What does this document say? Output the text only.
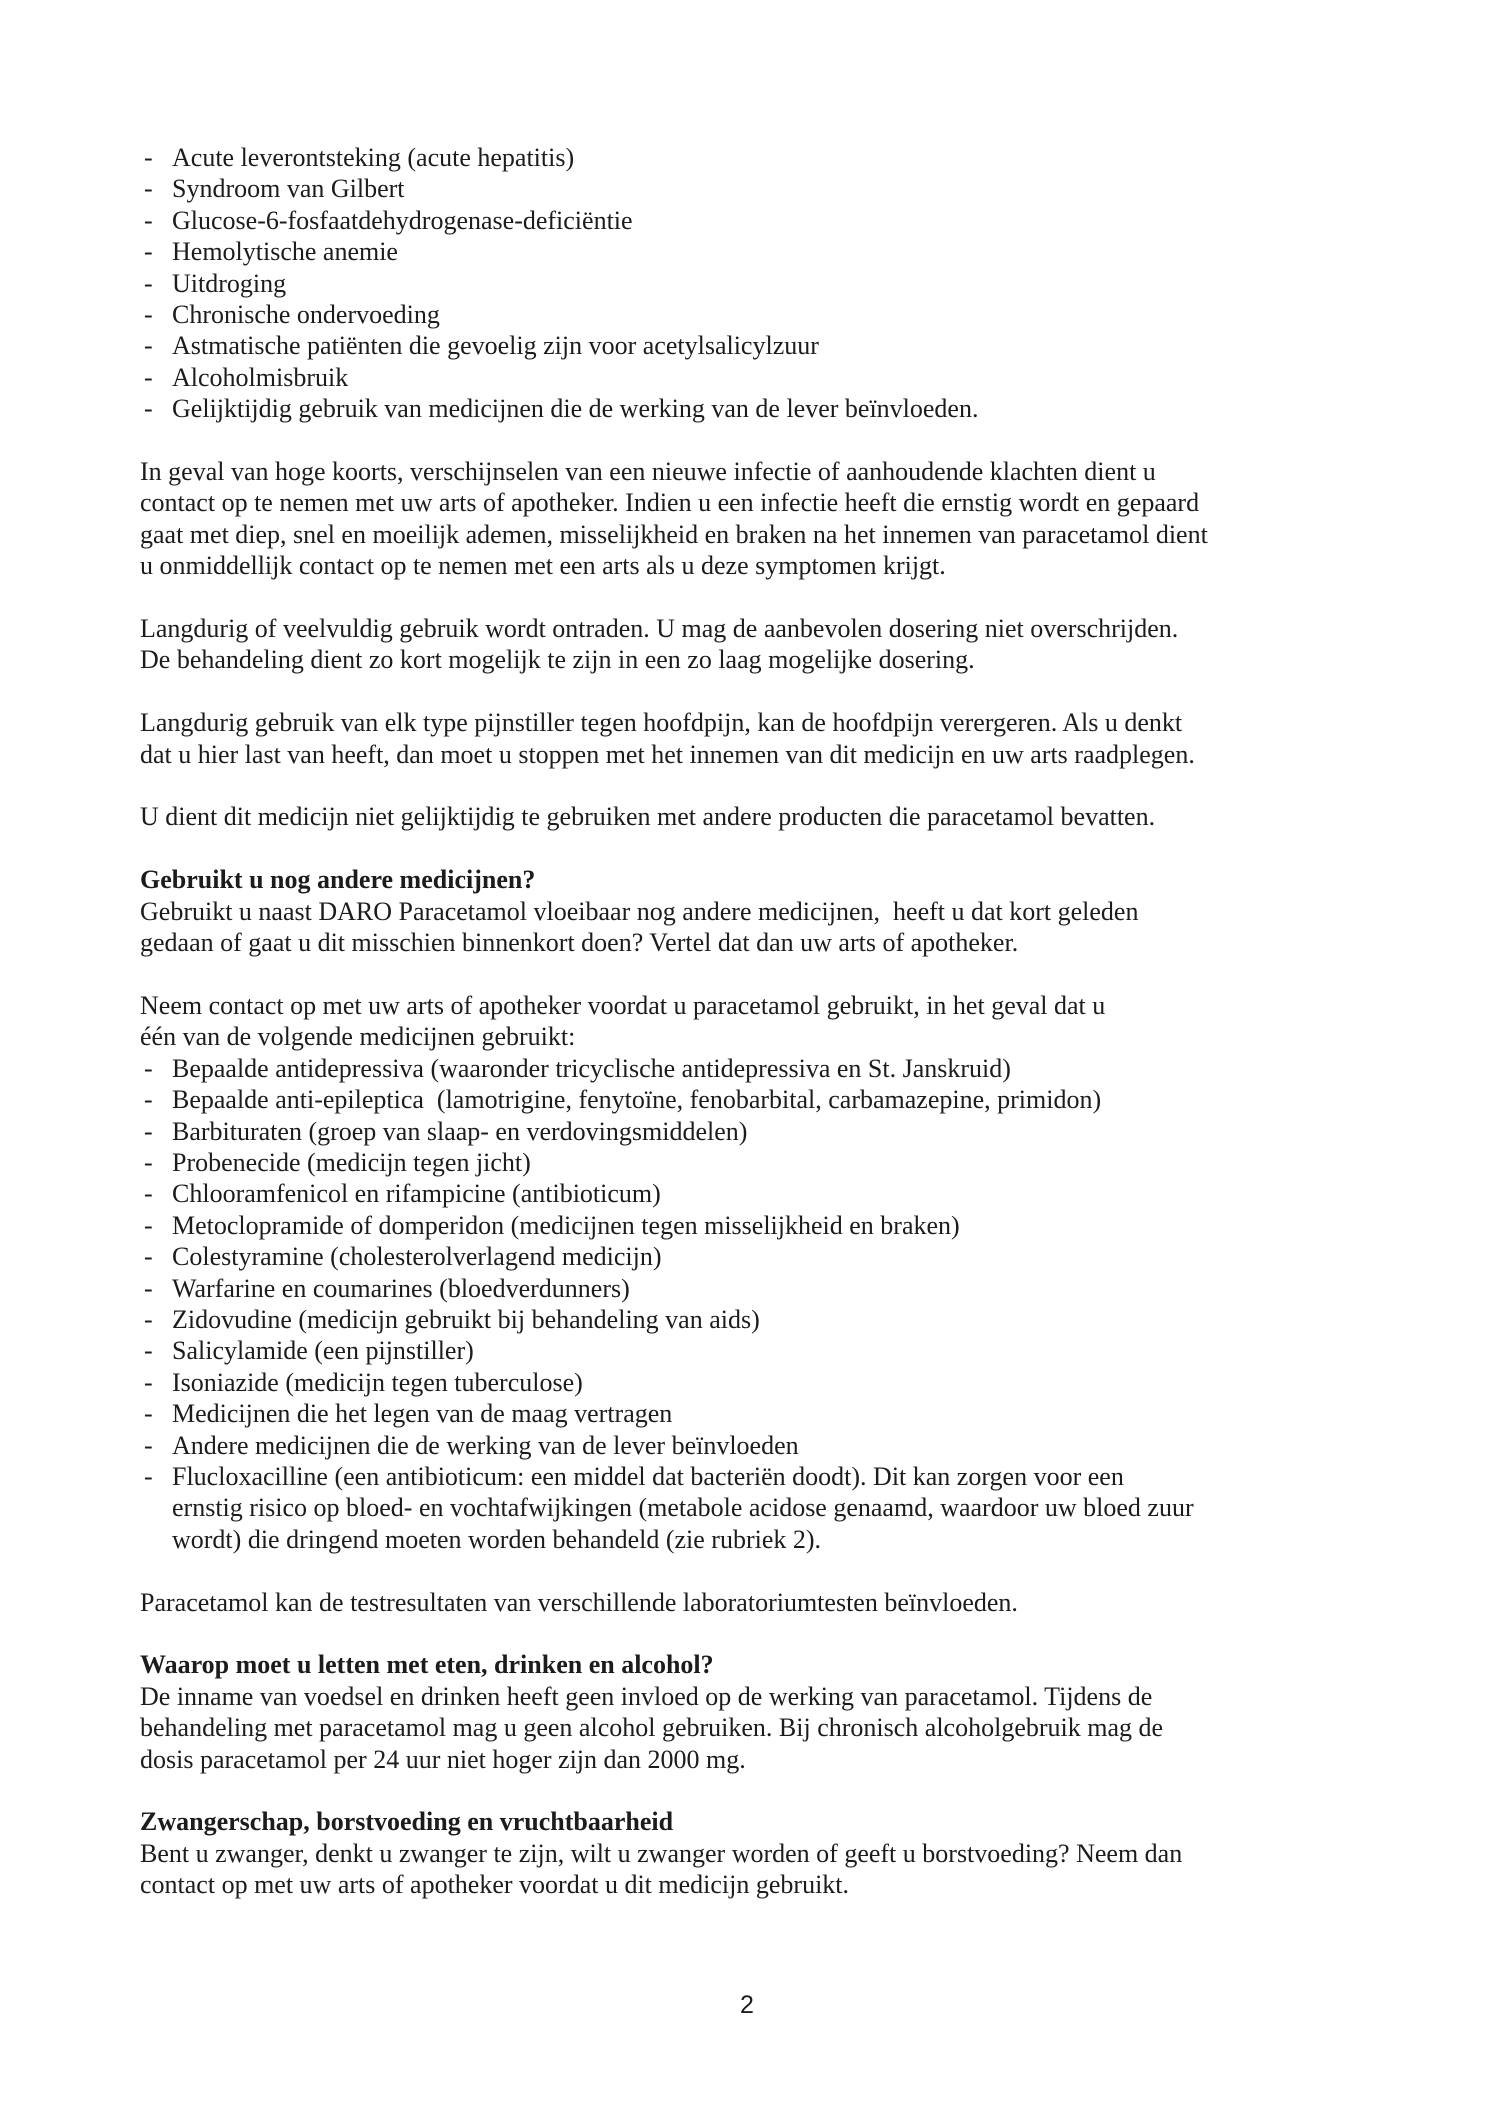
- Acute leverontsteking (acute hepatitis)
- Syndroom van Gilbert
- Glucose-6-fosfaatdehydrogenase-deficiëntie
- Hemolytische anemie
- Uitdroging
- Chronische ondervoeding
- Astmatische patiënten die gevoelig zijn voor acetylsalicylzuur
- Alcoholmisbruik
- Gelijktijdig gebruik van medicijnen die de werking van de lever beïnvloeden.
In geval van hoge koorts, verschijnselen van een nieuwe infectie of aanhoudende klachten dient u
contact op te nemen met uw arts of apotheker. Indien u een infectie heeft die ernstig wordt en gepaard
gaat met diep, snel en moeilijk ademen, misselijkheid en braken na het innemen van paracetamol dient
u onmiddellijk contact op te nemen met een arts als u deze symptomen krijgt.
Langdurig of veelvuldig gebruik wordt ontraden. U mag de aanbevolen dosering niet overschrijden.
De behandeling dient zo kort mogelijk te zijn in een zo laag mogelijke dosering.
Langdurig gebruik van elk type pijnstiller tegen hoofdpijn, kan de hoofdpijn verergeren. Als u denkt
dat u hier last van heeft, dan moet u stoppen met het innemen van dit medicijn en uw arts raadplegen.
U dient dit medicijn niet gelijktijdig te gebruiken met andere producten die paracetamol bevatten.
Gebruikt u nog andere medicijnen?
Gebruikt u naast DARO Paracetamol vloeibaar nog andere medicijnen,  heeft u dat kort geleden
gedaan of gaat u dit misschien binnenkort doen? Vertel dat dan uw arts of apotheker.
Neem contact op met uw arts of apotheker voordat u paracetamol gebruikt, in het geval dat u
één van de volgende medicijnen gebruikt:
- Bepaalde antidepressiva (waaronder tricyclische antidepressiva en St. Janskruid)
- Bepaalde anti-epileptica  (lamotrigine, fenytoïne, fenobarbital, carbamazepine, primidon)
- Barbituraten (groep van slaap- en verdovingsmiddelen)
- Probenecide (medicijn tegen jicht)
- Chlooramfenicol en rifampicine (antibioticum)
- Metoclopramide of domperidon (medicijnen tegen misselijkheid en braken)
- Colestyramine (cholesterolverlagend medicijn)
- Warfarine en coumarines (bloedverdunners)
- Zidovudine (medicijn gebruikt bij behandeling van aids)
- Salicylamide (een pijnstiller)
- Isoniazide (medicijn tegen tuberculose)
- Medicijnen die het legen van de maag vertragen
- Andere medicijnen die de werking van de lever beïnvloeden
- Flucloxacilline (een antibioticum: een middel dat bacteriën doodt). Dit kan zorgen voor een
ernstig risico op bloed- en vochtafwijkingen (metabole acidose genaamd, waardoor uw bloed zuur
wordt) die dringend moeten worden behandeld (zie rubriek 2).
Paracetamol kan de testresultaten van verschillende laboratoriumtesten beïnvloeden.
Waarop moet u letten met eten, drinken en alcohol?
De inname van voedsel en drinken heeft geen invloed op de werking van paracetamol. Tijdens de
behandeling met paracetamol mag u geen alcohol gebruiken. Bij chronisch alcoholgebruik mag de
dosis paracetamol per 24 uur niet hoger zijn dan 2000 mg.
Zwangerschap, borstvoeding en vruchtbaarheid
Bent u zwanger, denkt u zwanger te zijn, wilt u zwanger worden of geeft u borstvoeding? Neem dan
contact op met uw arts of apotheker voordat u dit medicijn gebruikt.
2
